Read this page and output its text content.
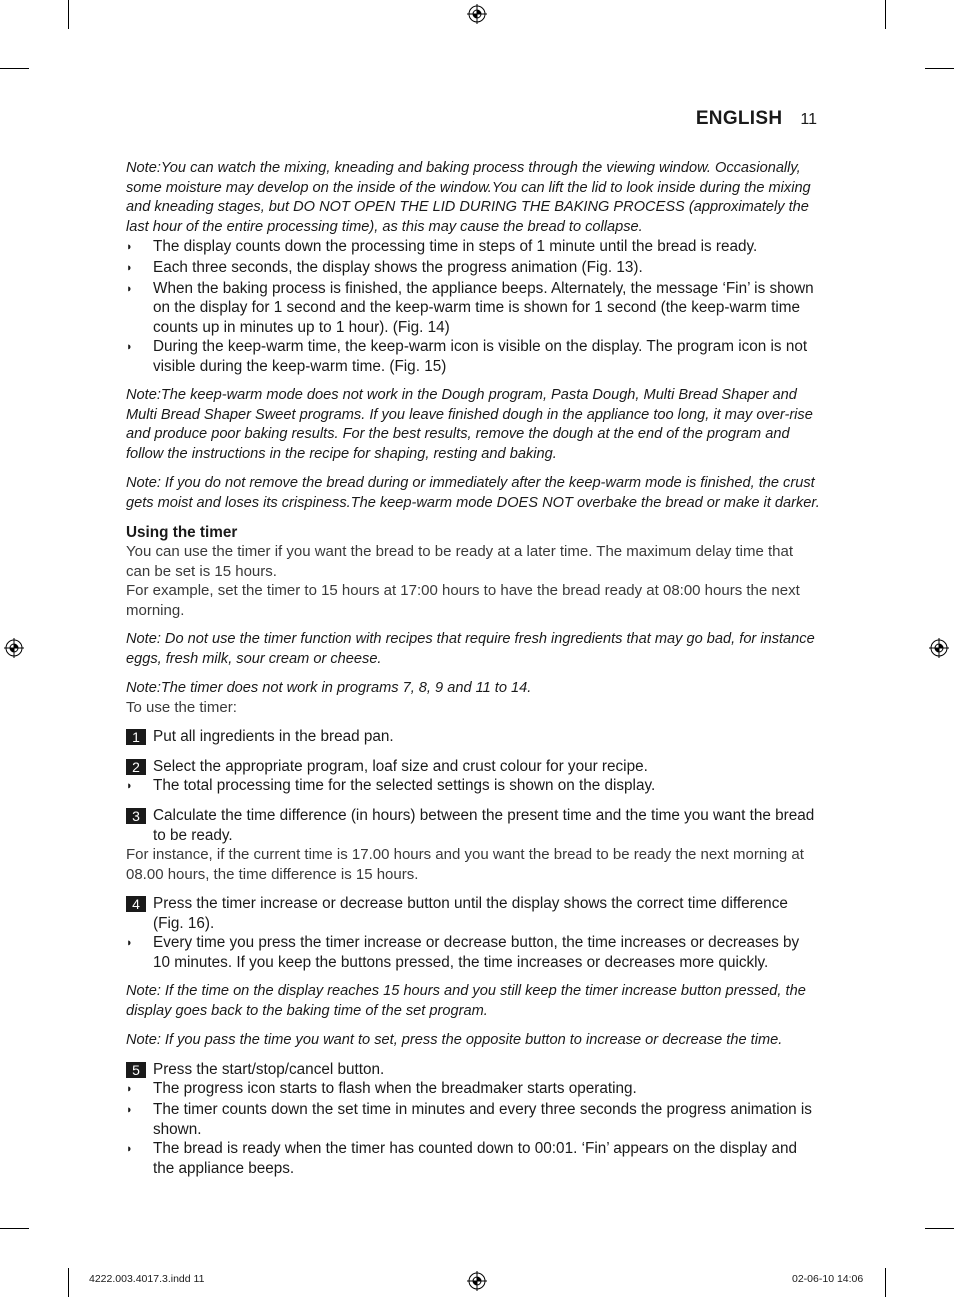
ENGLISH 11

Note:You can watch the mixing, kneading and baking process through the viewing window. Occasionally, some moisture may develop on the inside of the window.You can lift the lid to look inside during the mixing and kneading stages, but DO NOT OPEN THE LID DURING THE BAKING PROCESS (approximately the last hour of the entire processing time), as this may cause the bread to collapse.

◗	The display counts down the processing time in steps of 1 minute until the bread is ready.
◗	Each three seconds, the display shows the progress animation (Fig. 13).
◗	When the baking process is finished, the appliance beeps. Alternately, the message ‘Fin’ is shown on the display for 1 second and the keep-warm time is shown for 1 second (the keep-warm time counts up in minutes up to 1 hour). (Fig. 14)
◗	During the keep-warm time, the keep-warm icon is visible on the display. The program icon is not visible during the keep-warm time. (Fig. 15)

Note:The keep-warm mode does not work in the Dough program, Pasta Dough, Multi Bread Shaper and Multi Bread Shaper Sweet programs. If you leave finished dough in the appliance too long, it may over-rise and produce poor baking results. For the best results, remove the dough at the end of the program and follow the instructions in the recipe for shaping, resting and baking.

Note: If you do not remove the bread during or immediately after the keep-warm mode is finished, the crust gets moist and loses its crispiness.The keep-warm mode DOES NOT overbake the bread or make it darker.

Using the timer

You can use the timer if you want the bread to be ready at a later time. The maximum delay time that can be set is 15 hours.

For example, set the timer to 15 hours at 17:00 hours to have the bread ready at 08:00 hours the next morning.

Note: Do not use the timer function with recipes that require fresh ingredients that may go bad, for instance eggs, fresh milk, sour cream or cheese.

Note:The timer does not work in programs 7, 8, 9 and 11 to 14.

To use the timer:

1 Put all ingredients in the bread pan.
2 Select the appropriate program, loaf size and crust colour for your recipe.
◗	The total processing time for the selected settings is shown on the display.
3 Calculate the time difference (in hours) between the present time and the time you want the bread to be ready.

For instance, if the current time is 17.00 hours and you want the bread to be ready the next morning at 08.00 hours, the time difference is 15 hours.

4 Press the timer increase or decrease button until the display shows the correct time difference (Fig. 16).
◗	Every time you press the timer increase or decrease button, the time increases or decreases by 10 minutes. If you keep the buttons pressed, the time increases or decreases more quickly.

Note: If the time on the display reaches 15 hours and you still keep the timer increase button pressed, the display goes back to the baking time of the set program.

Note: If you pass the time you want to set, press the opposite button to increase or decrease the time.

5 Press the start/stop/cancel button.
◗	The progress icon starts to flash when the breadmaker starts operating.
◗	The timer counts down the set time in minutes and every three seconds the progress animation is shown.
◗	The bread is ready when the timer has counted down to 00:01. ‘Fin’ appears on the display and the appliance beeps.
4222.003.4017.3.indd 11	02-06-10 14:06
